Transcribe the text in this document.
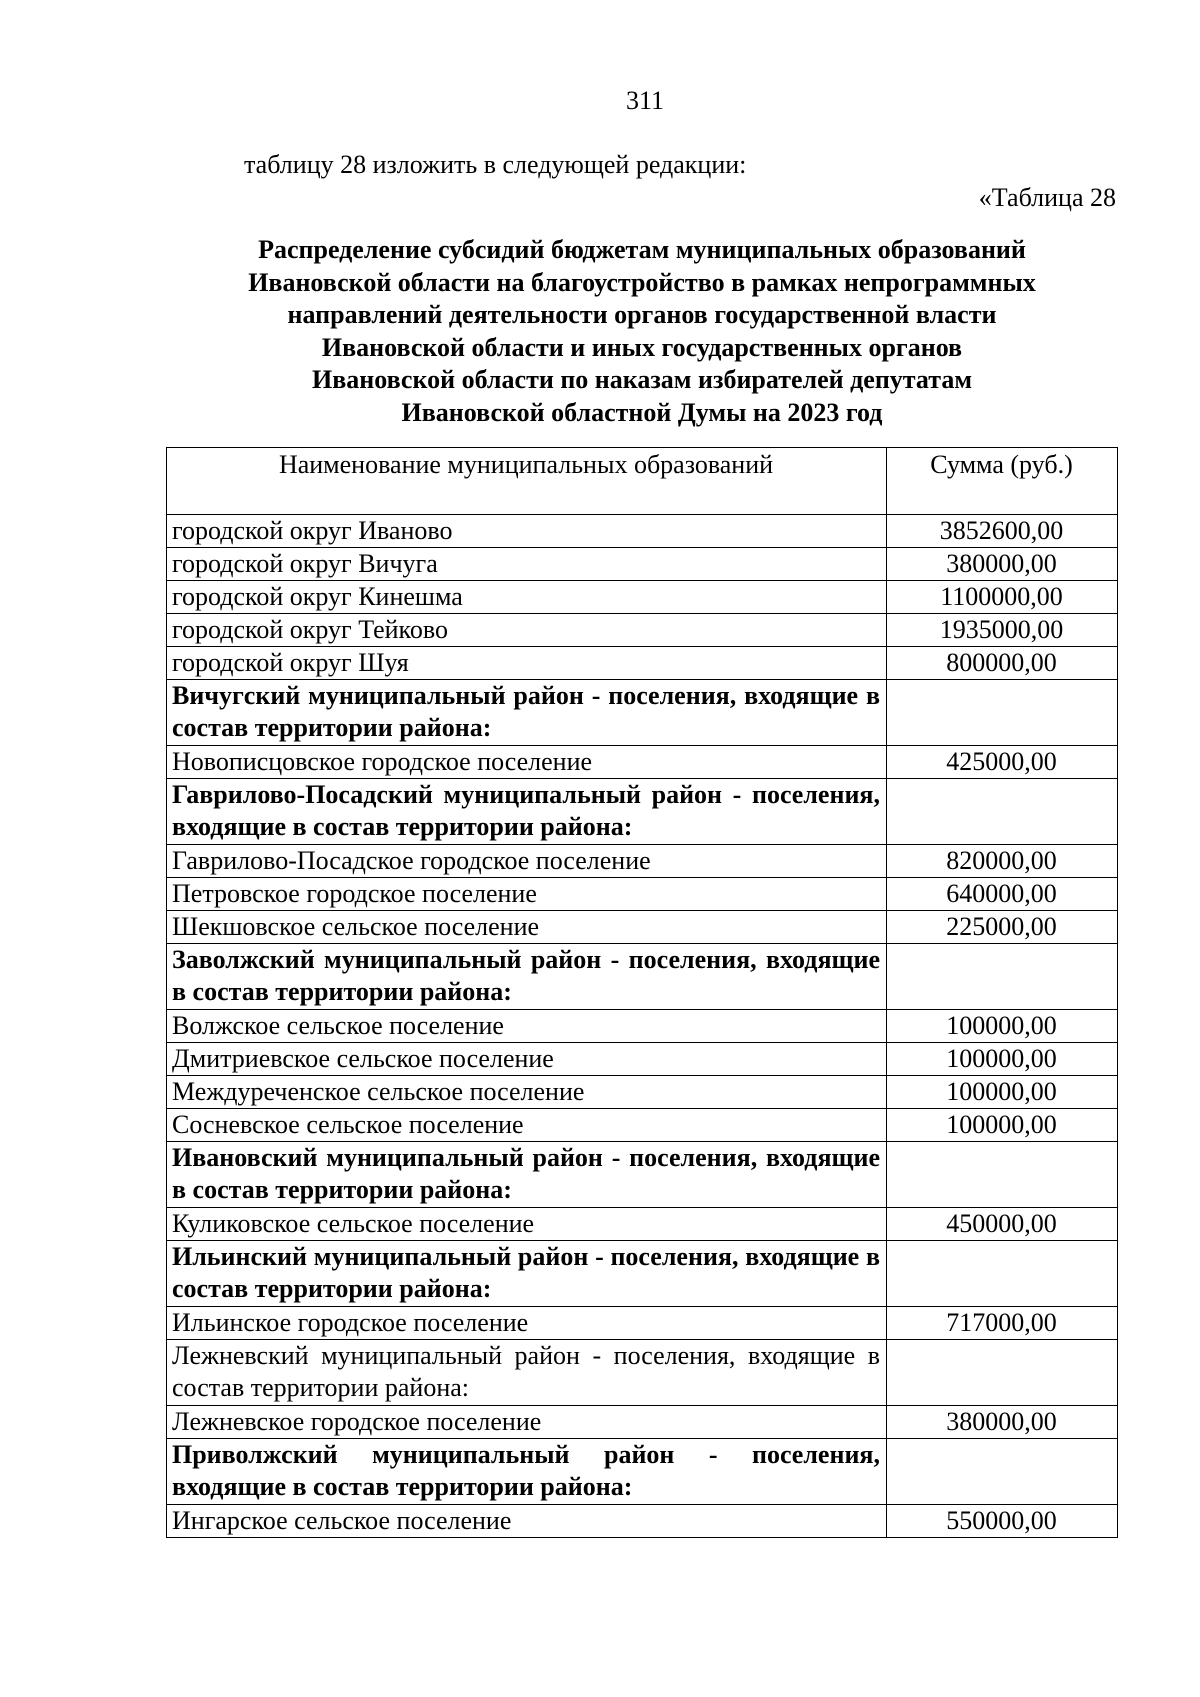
311
таблицу 28 изложить в следующей редакции:
«Таблица 28
Распределение субсидий бюджетам муниципальных образований
Ивановской области на благоустройство в рамках непрограммных
направлений деятельности органов государственной власти
Ивановской области и иных государственных органов
Ивановской области по наказам избирателей депутатам
Ивановской областной Думы на 2023 год
Наименование муниципальных образований	Сумма (руб.)
городской округ Иваново	3852600,00
городской округ Вичуга	380000,00
городской округ Кинешма	1100000,00
городской округ Тейково	1935000,00
городской округ Шуя	800000,00
Вичугский муниципальный район - поселения, входящие в состав территории района:	
Новописцовское городское поселение	425000,00
Гаврилово-Посадский муниципальный район - поселения, входящие в состав территории района:	
Гаврилово-Посадское городское поселение	820000,00
Петровское городское поселение	640000,00
Шекшовское сельское поселение	225000,00
Заволжский муниципальный район - поселения, входящие в состав территории района:	
Волжское сельское поселение	100000,00
Дмитриевское сельское поселение	100000,00
Междуреченское сельское поселение	100000,00
Сосневское сельское поселение	100000,00
Ивановский муниципальный район - поселения, входящие в состав территории района:	
Куликовское сельское поселение	450000,00
Ильинский муниципальный район - поселения, входящие в состав территории района:	
Ильинское городское поселение	717000,00
Лежневский муниципальный район - поселения, входящие в состав территории района:	
Лежневское городское поселение	380000,00
Приволжский муниципальный район - поселения, входящие в состав территории района:	
Ингарское сельское поселение	550000,00
